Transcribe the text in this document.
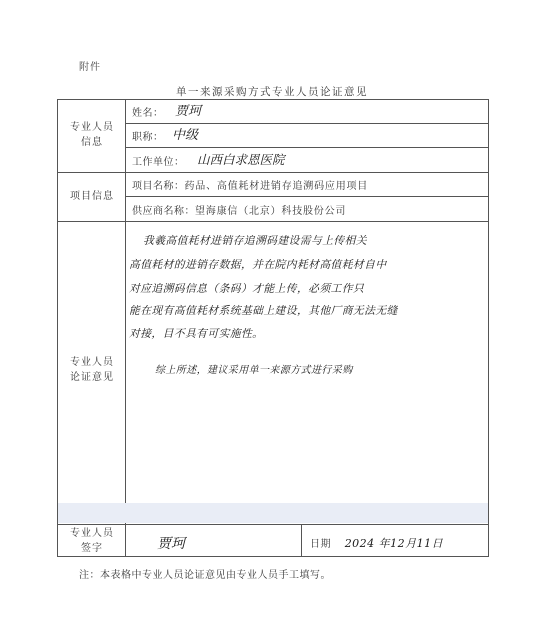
附件
单一来源采购方式专业人员论证意见
专业人员
信息
项目信息
专业人员
论证意见
专业人员
签字
姓名： 贾珂
职称： 中级
工作单位： 山西白求恩医院
项目名称：药品、高值耗材进销存追溯码应用项目
供应商名称：望海康信（北京）科技股份公司
我羲高值耗材进销存追溯码建设需与上传相关
高值耗材的进销存数据，并在院内耗材高值耗材自中
对应追溯码信息（条码）才能上传，必须工作只
能在现有高值耗材系统基础上建设，其他厂商无法无缝
对接，目不具有可实施性。
综上所述，建议采用单一来源方式进行采购
贾珂	日期 2024 年12月11日
注：本表格中专业人员论证意见由专业人员手工填写。
